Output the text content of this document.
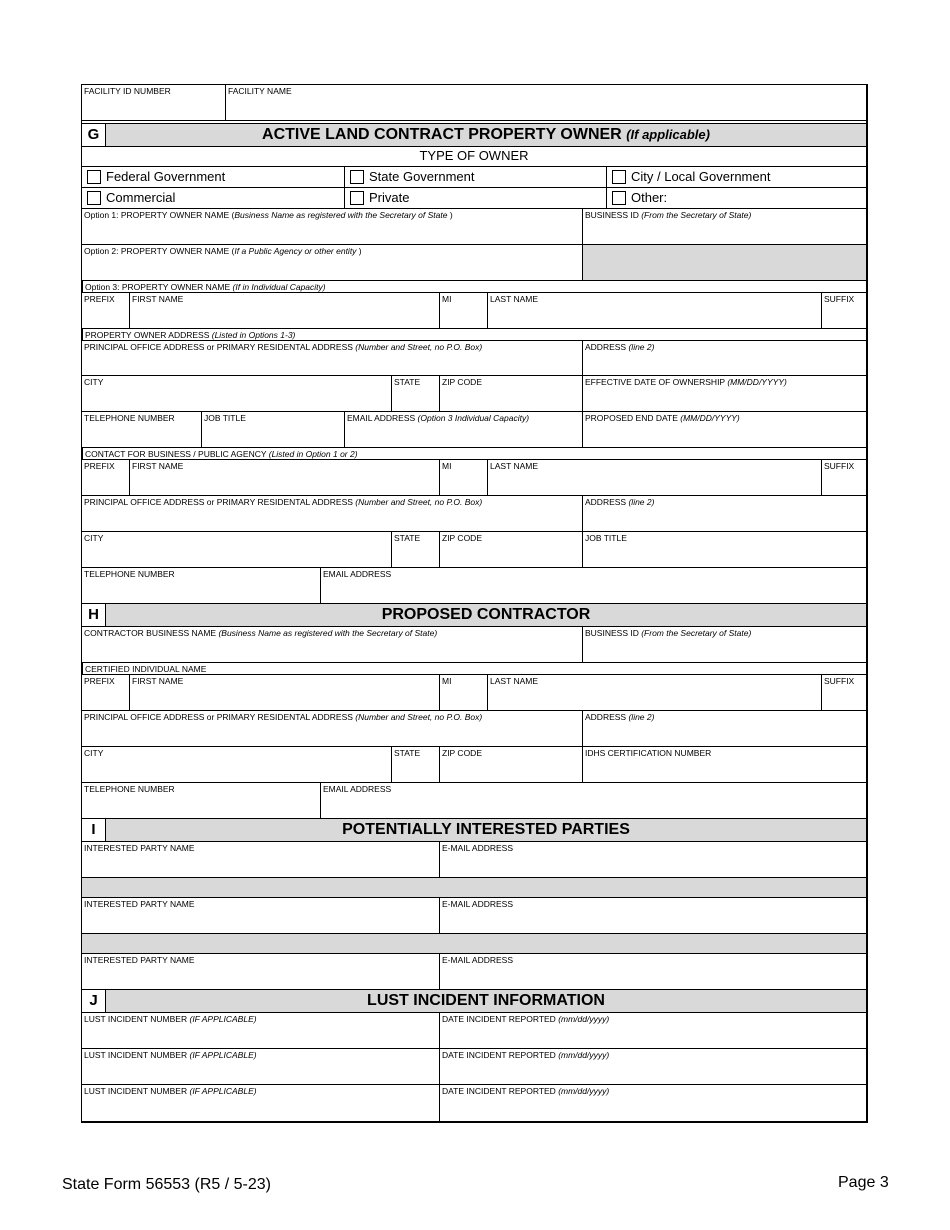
FACILITY ID NUMBER	FACILITY NAME
G	ACTIVE LAND CONTRACT PROPERTY OWNER (If applicable)
TYPE OF OWNER
Federal Government	State Government	City / Local Government
Commercial	Private	Other:
Option 1: PROPERTY OWNER NAME (Business Name as registered with the Secretary of State )	BUSINESS ID (From the Secretary of State)
Option 2: PROPERTY OWNER NAME (If a Public Agency or other entity )
Option 3: PROPERTY OWNER NAME (If in Individual Capacity)
PREFIX	FIRST NAME	MI	LAST NAME	SUFFIX
PROPERTY OWNER ADDRESS (Listed in Options 1-3)
PRINCIPAL OFFICE ADDRESS or PRIMARY RESIDENTAL ADDRESS (Number and Street, no P.O. Box)	ADDRESS (line 2)
CITY	STATE	ZIP CODE	EFFECTIVE DATE OF OWNERSHIP (MM/DD/YYYY)
TELEPHONE NUMBER	JOB TITLE	EMAIL ADDRESS (Option 3 Individual Capacity)	PROPOSED END DATE (MM/DD/YYYY)
CONTACT FOR BUSINESS / PUBLIC AGENCY (Listed in Option 1 or 2)
PREFIX	FIRST NAME	MI	LAST NAME	SUFFIX
PRINCIPAL OFFICE ADDRESS or PRIMARY RESIDENTAL ADDRESS (Number and Street, no P.O. Box)	ADDRESS (line 2)
CITY	STATE	ZIP CODE	JOB TITLE
TELEPHONE NUMBER	EMAIL ADDRESS
H	PROPOSED CONTRACTOR
CONTRACTOR BUSINESS NAME (Business Name as registered with the Secretary of State)	BUSINESS ID (From the Secretary of State)
CERTIFIED INDIVIDUAL NAME
PREFIX	FIRST NAME	MI	LAST NAME	SUFFIX
PRINCIPAL OFFICE ADDRESS or PRIMARY RESIDENTAL ADDRESS (Number and Street, no P.O. Box)	ADDRESS (line 2)
CITY	STATE	ZIP CODE	IDHS CERTIFICATION NUMBER
TELEPHONE NUMBER	EMAIL ADDRESS
I	POTENTIALLY INTERESTED PARTIES
INTERESTED PARTY NAME	E-MAIL ADDRESS
INTERESTED PARTY NAME	E-MAIL ADDRESS
INTERESTED PARTY NAME	E-MAIL ADDRESS
J	LUST INCIDENT INFORMATION
LUST INCIDENT NUMBER (IF APPLICABLE)	DATE INCIDENT REPORTED (mm/dd/yyyy)
LUST INCIDENT NUMBER (IF APPLICABLE)	DATE INCIDENT REPORTED (mm/dd/yyyy)
LUST INCIDENT NUMBER (IF APPLICABLE)	DATE INCIDENT REPORTED (mm/dd/yyyy)
State Form 56553 (R5 / 5-23)	Page 3
